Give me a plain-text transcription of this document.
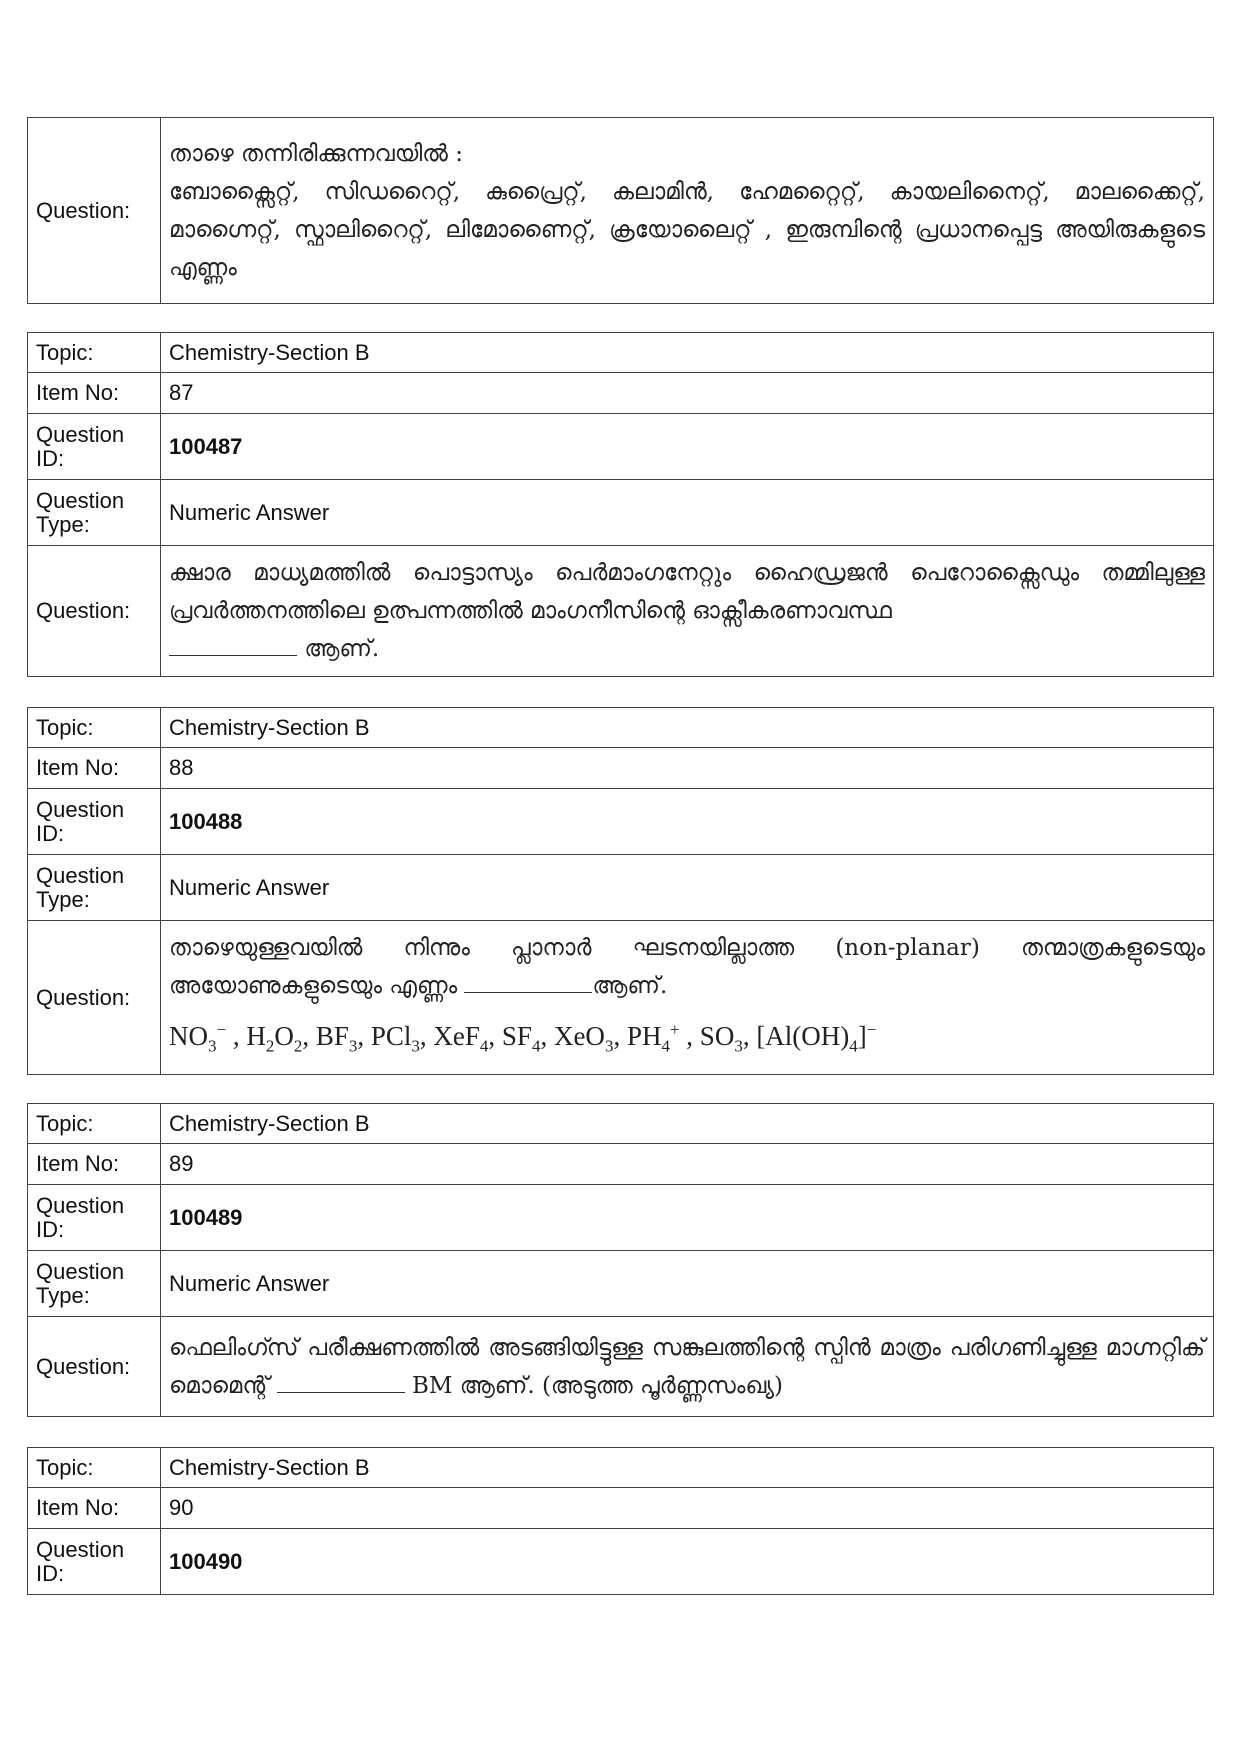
Question:	

താഴെ തന്നിരിക്കുന്നവയിൽ :

ബോക്സൈറ്റ്, സിഡറൈറ്റ്, കുപ്രൈറ്റ്, കലാമിൻ, ഹേമറ്റൈറ്റ്, കായലിനൈറ്റ്, മാലക്കൈറ്റ്, മാഗ്നൈറ്റ്, സ്ഫാലിറൈറ്റ്, ലിമോണൈറ്റ്, ക്രയോലൈറ്റ് , ഇരുമ്പിന്റെ പ്രധാനപ്പെട്ട അയിരുകളുടെ എണ്ണം

Topic:	Chemistry-Section B
Item No:	87
Question ID:	100487
Question Type:	Numeric Answer
Question:	ക്ഷാര മാധ്യമത്തിൽ പൊട്ടാസ്യം പെർമാംഗനേറ്റും ഹൈഡ്രജൻ പെറോക്സൈഡും തമ്മിലുള്ള പ്രവർത്തനത്തിലെ ഉത്പന്നത്തിൽ മാംഗനീസിന്റെ ഓക്സീകരണാവസ്ഥ
ആണ്.
Topic:	Chemistry-Section B
Item No:	88
Question ID:	100488
Question Type:	Numeric Answer
Question:	താഴെയുള്ളവയിൽ നിന്നും പ്ലാനാർ ഘടനയില്ലാത്ത (non-planar) തന്മാത്രകളുടെയും അയോണുകളുടെയും എണ്ണം ആണ്.

$NO_3^-$ , $H_2O_2$, $BF_3$, PCl$_3$, XeF$_4$, $SF_4$, XeO$_3$, $PH_4^+$ , $SO_3$, $[Al(OH)_4]^-$

Topic:	Chemistry-Section B
Item No:	89
Question ID:	100489
Question Type:	Numeric Answer
Question:	ഫെലിംഗ്സ് പരീക്ഷണത്തിൽ അടങ്ങിയിട്ടുള്ള സങ്കുലത്തിന്റെ സ്പിൻ മാത്രം പരിഗണിച്ചുള്ള മാഗ്നറ്റിക് മൊമെന്റ് BM ആണ്. (അടുത്ത പൂർണ്ണസംഖ്യ)
Topic:	Chemistry-Section B
Item No:	90
Question ID:	100490
